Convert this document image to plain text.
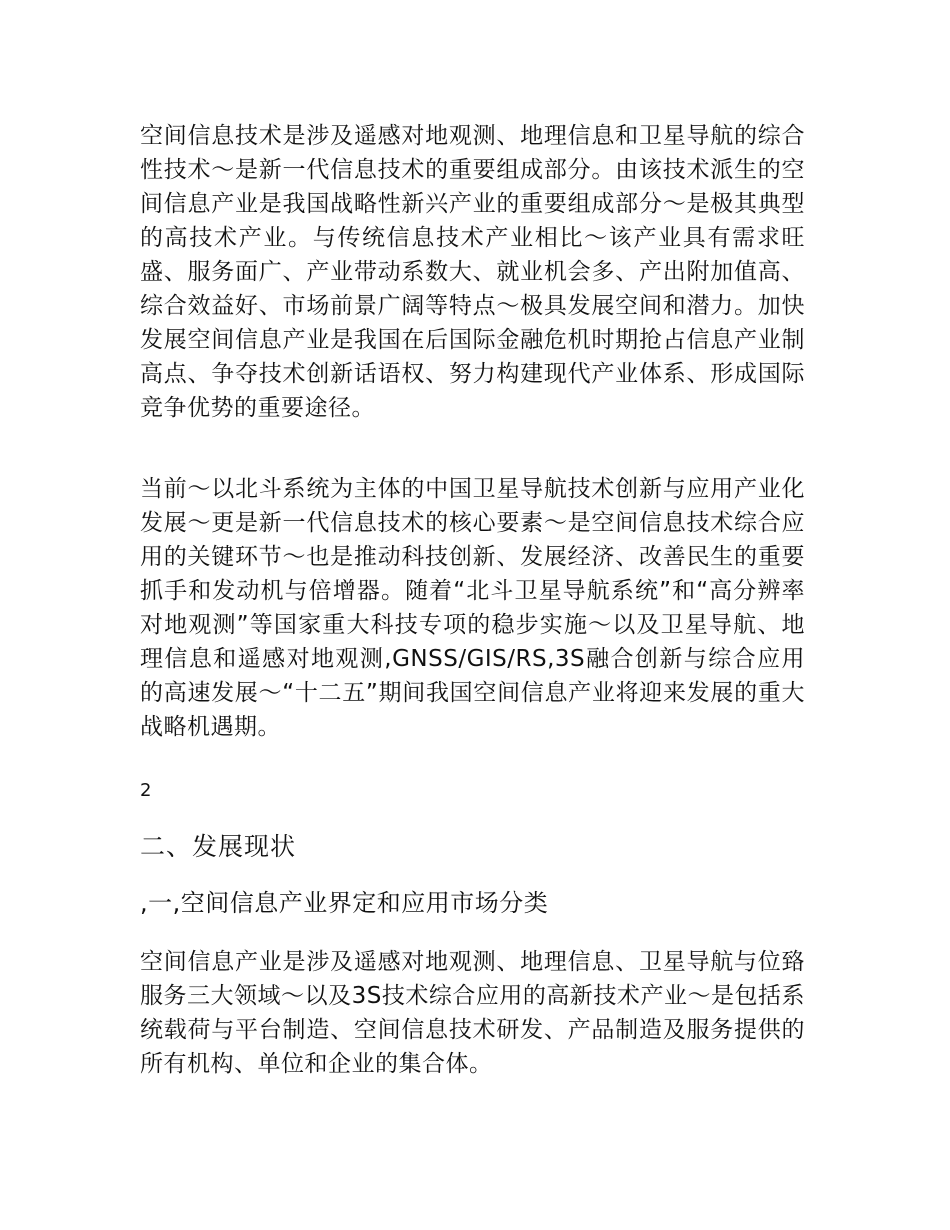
空间信息技术是涉及遥感对地观测、地理信息和卫星导航的综合性技术～是新一代信息技术的重要组成部分。由该技术派生的空间信息产业是我国战略性新兴产业的重要组成部分～是极其典型的高技术产业。与传统信息技术产业相比～该产业具有需求旺盛、服务面广、产业带动系数大、就业机会多、产出附加值高、综合效益好、市场前景广阔等特点～极具发展空间和潜力。加快发展空间信息产业是我国在后国际金融危机时期抢占信息产业制高点、争夺技术创新话语权、努力构建现代产业体系、形成国际竞争优势的重要途径。

当前～以北斗系统为主体的中国卫星导航技术创新与应用产业化发展～更是新一代信息技术的核心要素～是空间信息技术综合应用的关键环节～也是推动科技创新、发展经济、改善民生的重要抓手和发动机与倍增器。随着“北斗卫星导航系统”和“高分辨率对地观测”等国家重大科技专项的稳步实施～以及卫星导航、地理信息和遥感对地观测,GNSS/GIS/RS,3S融合创新与综合应用的高速发展～“十二五”期间我国空间信息产业将迎来发展的重大战略机遇期。

2
二、发展现状
,一,空间信息产业界定和应用市场分类

空间信息产业是涉及遥感对地观测、地理信息、卫星导航与位臵服务三大领域～以及3S技术综合应用的高新技术产业～是包括系统载荷与平台制造、空间信息技术研发、产品制造及服务提供的所有机构、单位和企业的集合体。
